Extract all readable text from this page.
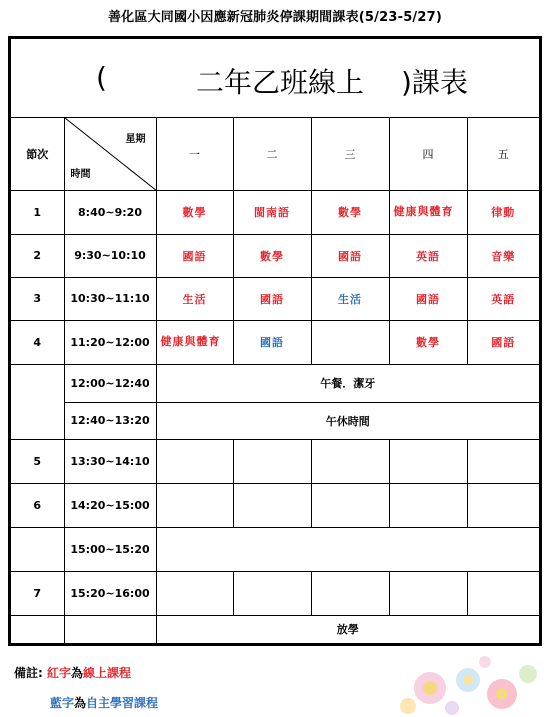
善化區大同國小因應新冠肺炎停課期間課表(5/23-5/27)
( 二年乙班線上 )課表						

節次	星期
時間	一	二	三	四	五
1	8:40~9:20	數學	閩南語	數學	健康與體育	律動
2	9:30~10:10	國語	數學	國語	英語	音樂
3	10:30~11:10	生活	國語	生活	國語	英語
4	11:20~12:00	健康與體育	國語		數學	國語
	12:00~12:40	午餐．潔牙				
	12:40~13:20	午休時間				
5	13:30~14:10					
6	14:20~15:00					
	15:00~15:20					
7	15:20~16:00					
		放學				
備註: 紅字為線上課程
藍字為自主學習課程
